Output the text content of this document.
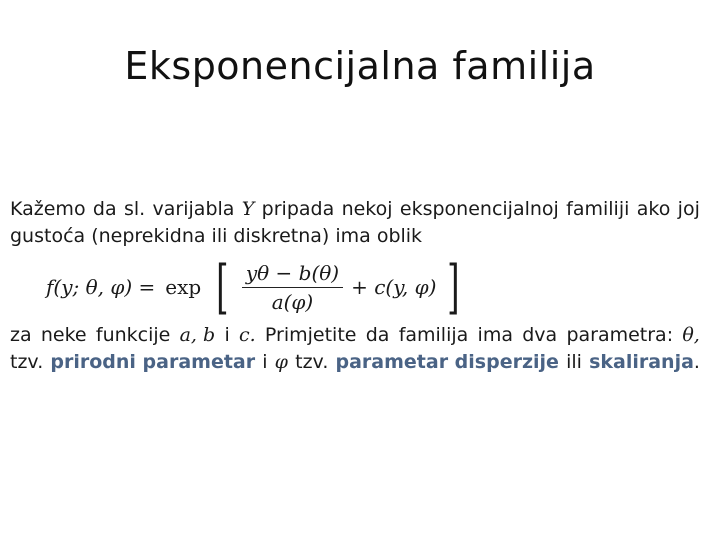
Eksponencijalna familija
Kažemo da sl. varijabla Y pripada nekoj eksponencijalnoj familiji ako joj
gustoća (neprekidna ili diskretna) ima oblik
f(y; θ, φ) = exp [ $\frac{y\theta - b(\theta)}{a(\varphi)} + c(y$, φ) ]
za neke funkcije a, b i c. Primjetite da familija ima dva parametra: θ,
tzv. prirodni parametar i φ tzv. parametar disperzije ili skaliranja.
